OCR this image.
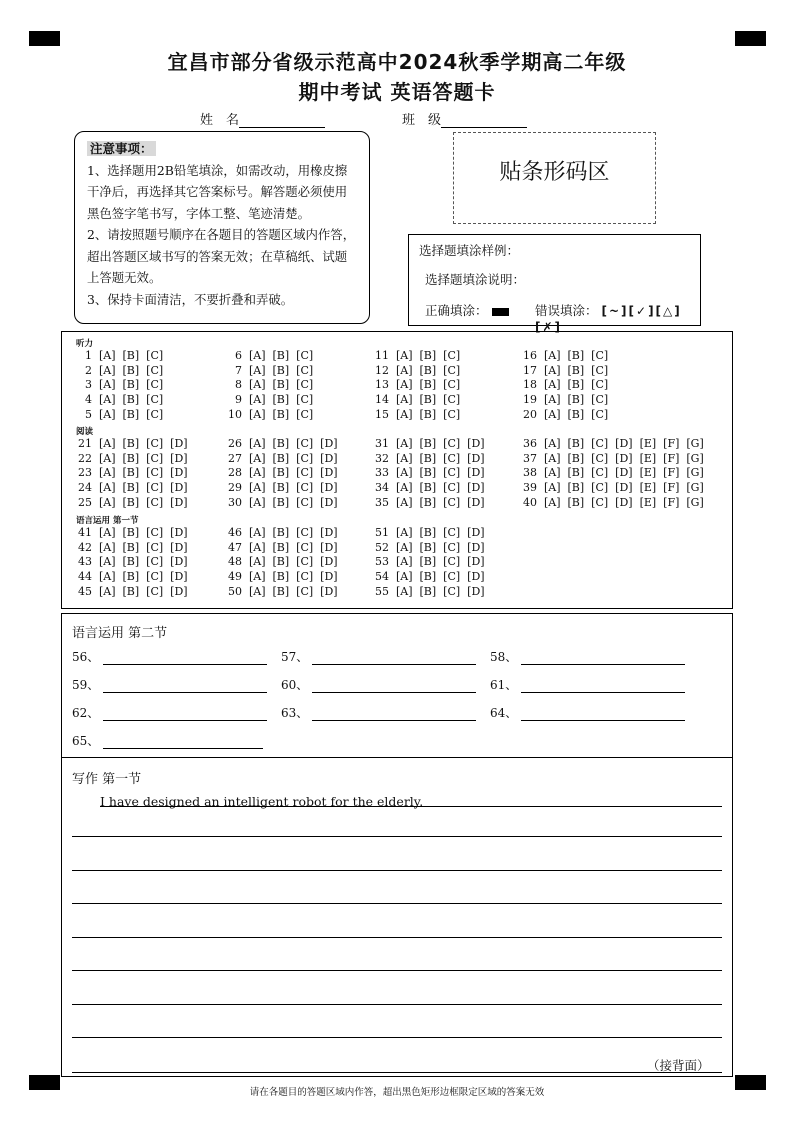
宜昌市部分省级示范高中2024秋季学期高二年级
期中考试 英语答题卡
姓　名	班　级
注意事项：
1、选择题用2B铅笔填涂，如需改动，用橡皮擦干净后，再选择其它答案标号。解答题必须使用黑色签字笔书写，字体工整、笔迹清楚。
2、请按照题号顺序在各题目的答题区域内作答，超出答题区域书写的答案无效；在草稿纸、试题上答题无效。
3、保持卡面清洁，不要折叠和弄破。
贴条形码区
选择题填涂样例：
选择题填涂说明：
正确填涂：	错误填涂： [~][✓][△][✗]
听力
阅读
语言运用 第一节
1 [A]  [B]  [C]
2 [A]  [B]  [C]
3 [A]  [B]  [C]
4 [A]  [B]  [C]
5 [A]  [B]  [C]
6 [A]  [B]  [C]
7 [A]  [B]  [C]
8 [A]  [B]  [C]
9 [A]  [B]  [C]
10 [A]  [B]  [C]
11 [A]  [B]  [C]
12 [A]  [B]  [C]
13 [A]  [B]  [C]
14 [A]  [B]  [C]
15 [A]  [B]  [C]
16 [A]  [B]  [C]
17 [A]  [B]  [C]
18 [A]  [B]  [C]
19 [A]  [B]  [C]
20 [A]  [B]  [C]
21 [A]  [B]  [C]  [D]
22 [A]  [B]  [C]  [D]
23 [A]  [B]  [C]  [D]
24 [A]  [B]  [C]  [D]
25 [A]  [B]  [C]  [D]
26 [A]  [B]  [C]  [D]
27 [A]  [B]  [C]  [D]
28 [A]  [B]  [C]  [D]
29 [A]  [B]  [C]  [D]
30 [A]  [B]  [C]  [D]
31 [A]  [B]  [C]  [D]
32 [A]  [B]  [C]  [D]
33 [A]  [B]  [C]  [D]
34 [A]  [B]  [C]  [D]
35 [A]  [B]  [C]  [D]
36 [A]  [B]  [C]  [D]  [E]  [F]  [G]
37 [A]  [B]  [C]  [D]  [E]  [F]  [G]
38 [A]  [B]  [C]  [D]  [E]  [F]  [G]
39 [A]  [B]  [C]  [D]  [E]  [F]  [G]
40 [A]  [B]  [C]  [D]  [E]  [F]  [G]
41 [A]  [B]  [C]  [D]
42 [A]  [B]  [C]  [D]
43 [A]  [B]  [C]  [D]
44 [A]  [B]  [C]  [D]
45 [A]  [B]  [C]  [D]
46 [A]  [B]  [C]  [D]
47 [A]  [B]  [C]  [D]
48 [A]  [B]  [C]  [D]
49 [A]  [B]  [C]  [D]
50 [A]  [B]  [C]  [D]
51 [A]  [B]  [C]  [D]
52 [A]  [B]  [C]  [D]
53 [A]  [B]  [C]  [D]
54 [A]  [B]  [C]  [D]
55 [A]  [B]  [C]  [D]
语言运用 第二节
56、	57、	58、
59、	60、	61、
62、	63、	64、
65、
写作 第一节
I have designed an intelligent robot for the elderly.
（接背面）
请在各题目的答题区域内作答，超出黑色矩形边框限定区域的答案无效
